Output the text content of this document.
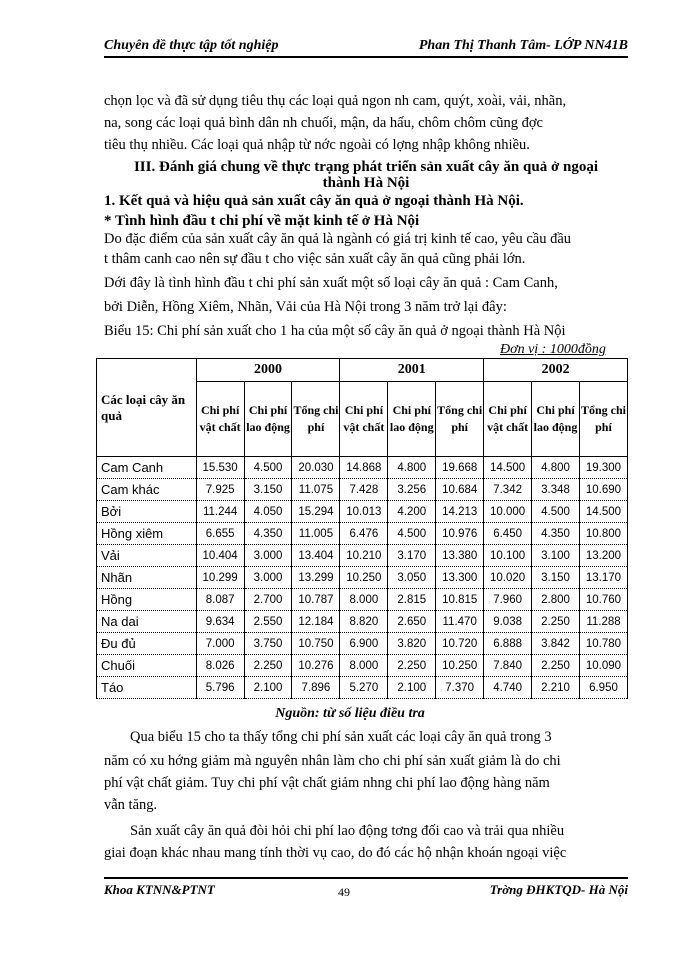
Chuyên đề thực tập tốt nghiệp	Phan Thị Thanh Tâm- LỚP NN41B
chọn lọc và đã sử dụng tiêu thụ các loại quả ngon nh cam, quýt, xoài, vải, nhãn,
na, song các loại quả bình dân nh chuối, mận, da hấu, chôm chôm cũng đợc
tiêu thụ nhiều. Các loại quả nhập từ nớc ngoài có lợng nhập không nhiều.
III. Đánh giá chung về thực trạng phát triển sản xuất cây ăn quả ở ngoại
thành Hà Nội
1. Kết quả và hiệu quả sản xuất cây ăn quả ở ngoại thành Hà Nội.
* Tình hình đầu t chi phí về mặt kinh tế ở Hà Nội
Do đặc điểm của sản xuất cây ăn quả là ngành có giá trị kinh tế cao, yêu cầu đầu
t thâm canh cao nên sự đầu t cho việc sản xuất cây ăn quả cũng phải lớn.
Dới đây là tình hình đầu t chi phí sản xuất một số loại cây ăn quả : Cam Canh,
bởi Diễn, Hồng Xiêm, Nhãn, Vải của Hà Nội trong 3 năm trở lại đây:
Biểu 15: Chi phí sản xuất cho 1 ha của một số cây ăn quả ở ngoại thành Hà Nội
Đơn vị : 1000đồng
Các loại cây ăn quả	2000			2001			2002		
	Chi phí vật chất	Chi phí lao động	Tổng chi phí	Chi phí vật chất	Chi phí lao động	Tổng chi phí	Chi phí vật chất	Chi phí lao động	Tổng chi phí
Cam Canh	15.530	4.500	20.030	14.868	4.800	19.668	14.500	4.800	19.300
Cam khác	7.925	3.150	11.075	7.428	3.256	10.684	7.342	3.348	10.690
Bởi	11.244	4.050	15.294	10.013	4.200	14.213	10.000	4.500	14.500
Hồng xiêm	6.655	4.350	11.005	6.476	4.500	10.976	6.450	4.350	10.800
Vải	10.404	3.000	13.404	10.210	3.170	13.380	10.100	3.100	13.200
Nhãn	10.299	3.000	13.299	10.250	3.050	13.300	10.020	3.150	13.170
Hồng	8.087	2.700	10.787	8.000	2.815	10.815	7.960	2.800	10.760
Na dai	9.634	2.550	12.184	8.820	2.650	11.470	9.038	2.250	11.288
Đu đủ	7.000	3.750	10.750	6.900	3.820	10.720	6.888	3.842	10.780
Chuối	8.026	2.250	10.276	8.000	2.250	10.250	7.840	2.250	10.090
Táo	5.796	2.100	7.896	5.270	2.100	7.370	4.740	2.210	6.950
Nguồn: từ số liệu điều tra
Qua biểu 15 cho ta thấy tổng chi phí sản xuất các loại cây ăn quả trong 3
năm có xu hớng giảm mà nguyên nhân làm cho chi phí sản xuất giảm là do chi
phí vật chất giảm. Tuy chi phí vật chất giảm nhng chi phí lao động hàng năm
vẫn tăng.
Sản xuất cây ăn quả đòi hỏi chi phí lao động tơng đối cao và trải qua nhiều
giai đoạn khác nhau mang tính thời vụ cao, do đó các hộ nhận khoán ngoại việc
Khoa KTNN&PTNT	49	Trờng ĐHKTQD- Hà Nội
